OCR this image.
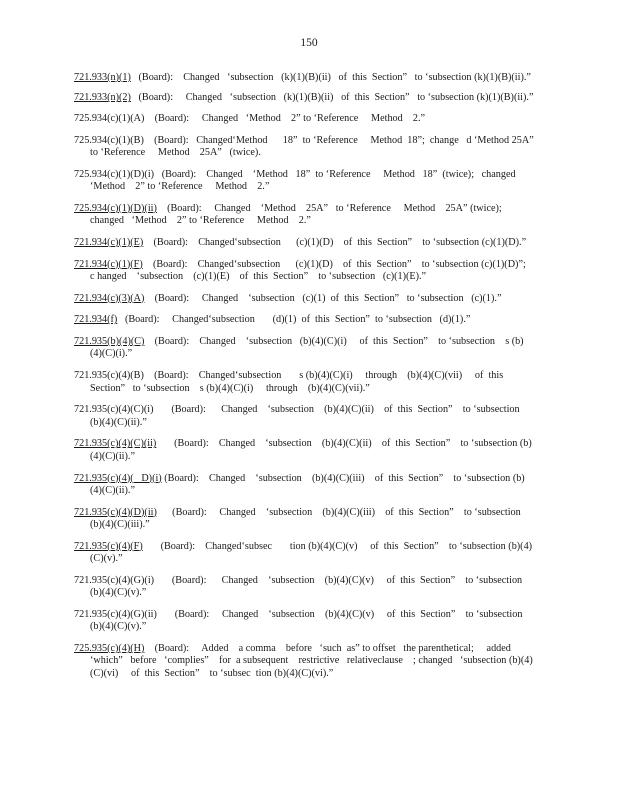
150

721.933(n)(1)   (Board):    Changed   ‘subsection   (k)(1)(B)(ii)   of  this  Section”   to ‘subsection (k)(1)(B)(ii).”

721.933(n)(2)   (Board):     Changed   ‘subsection   (k)(1)(B)(ii)   of  this  Section”   to ‘subsection (k)(1)(B)(ii).”

725.934(c)(1)(A)    (Board):     Changed   ‘Method    2” to ‘Reference     Method    2.”

725.934(c)(1)(B)    (Board):   Changed‘Method      18”  to ‘Reference     Method  18”;  change   d ‘Method 25A”   to ‘Reference     Method    25A”   (twice).

725.934(c)(1)(D)(i)   (Board):    Changed    ‘Method   18”  to ‘Reference     Method   18”  (twice);   changed ‘Method    2” to ‘Reference     Method    2.”

725.934(c)(1)(D)(ii)    (Board):     Changed    ‘Method    25A”   to ‘Reference     Method    25A” (twice); changed   ‘Method    2” to ‘Reference     Method    2.”

721.934(c)(1)(E)    (Board):    Changed‘subsection      (c)(1)(D)    of  this  Section”    to ‘subsection (c)(1)(D).”

721.934(c)(1)(F)    (Board):    Changed‘subsection      (c)(1)(D)    of  this  Section”    to ‘subsection (c)(1)(D)”;    c hanged    ‘subsection    (c)(1)(E)    of  this  Section”    to ‘subsection   (c)(1)(E).”

721.934(c)(3)(A)    (Board):     Changed    ‘subsection   (c)(1)  of  this  Section”   to ‘subsection   (c)(1).”

721.934(f)   (Board):     Changed‘subsection       (d)(1)  of  this  Section”  to ‘subsection   (d)(1).”

721.935(b)(4)(C)    (Board):    Changed    ‘subsection   (b)(4)(C)(i)     of  this  Section”    to ‘subsection    s (b)(4)(C)(i).”

721.935(c)(4)(B)    (Board):    Changed‘subsection       s (b)(4)(C)(i)     through    (b)(4)(C)(vii)     of  this Section”   to ‘subsection    s (b)(4)(C)(i)     through    (b)(4)(C)(vii).”

721.935(c)(4)(C)(i)       (Board):      Changed    ‘subsection    (b)(4)(C)(ii)    of  this  Section”    to ‘subsection (b)(4)(C)(ii).”

721.935(c)(4)(C)(ii)       (Board):    Changed    ‘subsection    (b)(4)(C)(ii)    of  this  Section”    to ‘subsection (b)(4)(C)(ii).”

721.935(c)(4)(   D)(i) (Board):    Changed    ‘subsection    (b)(4)(C)(iii)    of  this  Section”    to ‘subsection (b)(4)(C)(ii).”

721.935(c)(4)(D)(ii)      (Board):     Changed    ‘subsection    (b)(4)(C)(iii)    of  this  Section”    to ‘subsection (b)(4)(C)(iii).”

721.935(c)(4)(F)       (Board):    Changed‘subsec       tion (b)(4)(C)(v)     of  this  Section”    to ‘subsection (b)(4)(C)(v).”

721.935(c)(4)(G)(i)       (Board):      Changed    ‘subsection    (b)(4)(C)(v)     of  this  Section”    to ‘subsection (b)(4)(C)(v).”

721.935(c)(4)(G)(ii)       (Board):     Changed    ‘subsection    (b)(4)(C)(v)     of  this  Section”    to ‘subsection (b)(4)(C)(v).”

725.935(c)(4)(H)    (Board):     Added    a comma    before   ‘such  as” to offset   the parenthetical;     added ‘which”   before   ‘complies”    for  a subsequent    restrictive   relativeclause    ; changed   ‘subsection (b)(4)(C)(vi)     of  this  Section”    to ‘subsec  tion (b)(4)(C)(vi).”
